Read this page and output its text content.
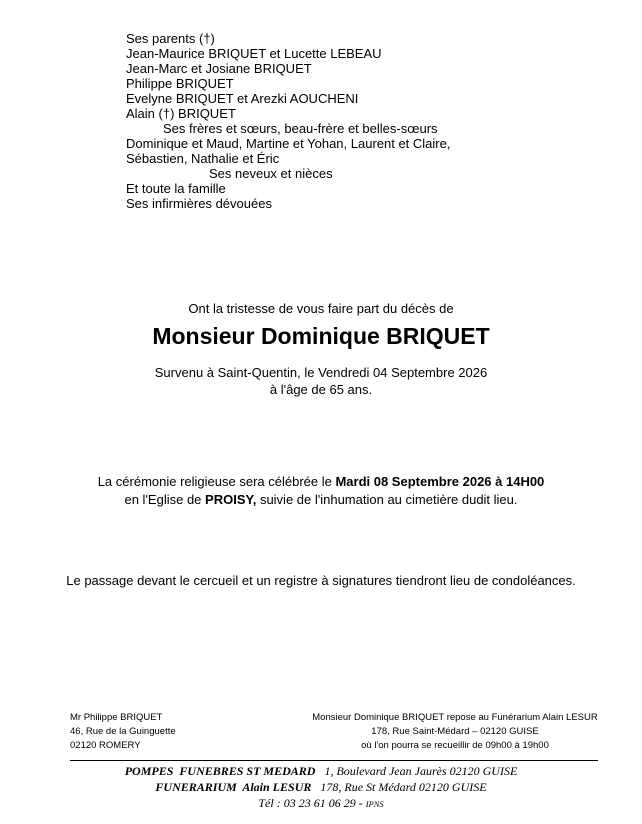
Ses parents (†)
Jean-Maurice BRIQUET et Lucette LEBEAU
Jean-Marc et Josiane BRIQUET
Philippe BRIQUET
Evelyne BRIQUET et Arezki AOUCHENI
Alain (†) BRIQUET
Ses frères et sœurs, beau-frère et belles-sœurs
Dominique et Maud, Martine et Yohan, Laurent et Claire,
Sébastien, Nathalie et Éric
Ses neveux et nièces
Et toute la famille
Ses infirmières dévouées
Ont la tristesse de vous faire part du décès de
Monsieur Dominique BRIQUET
Survenu à Saint-Quentin, le Vendredi 04 Septembre 2026
à l'âge de 65 ans.
La cérémonie religieuse sera célébrée le Mardi 08 Septembre 2026 à 14H00
en l'Eglise de PROISY, suivie de l'inhumation au cimetière dudit lieu.
Le passage devant le cercueil et un registre à signatures tiendront lieu de condoléances.
Mr Philippe BRIQUET
46, Rue de la Guinguette
02120 ROMERY
Monsieur Dominique BRIQUET repose au Funérarium Alain LESUR
178, Rue Saint-Médard – 02120 GUISE
où l'on pourra se recueillir de 09h00 à 19h00
POMPES  FUNEBRES ST MEDARD   1, Boulevard Jean Jaurès 02120 GUISE
FUNERARIUM  Alain LESUR   178, Rue St Médard 02120 GUISE
Tél : 03 23 61 06 29 - IPNS
